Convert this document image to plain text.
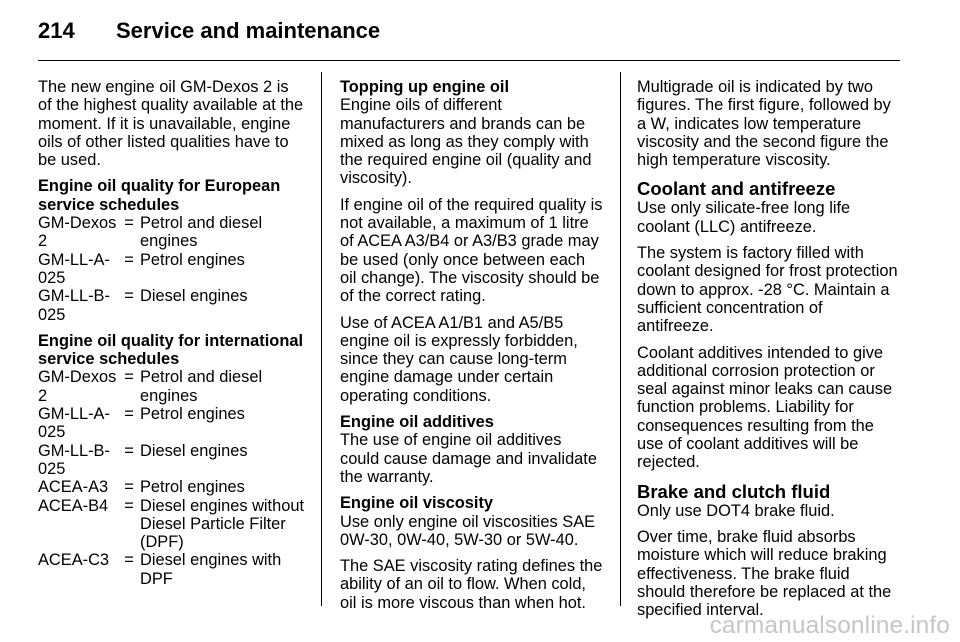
214	Service and maintenance

The new engine oil GM-Dexos 2 is of the highest quality available at the moment. If it is unavailable, engine oils of other listed qualities have to be used.

Engine oil quality for European service schedules
GM-Dexos 2
= Petrol and diesel engines
GM-LL-A-025
= Petrol engines
GM-LL-B-025
= Diesel engines
Engine oil quality for international service schedules
GM-Dexos 2
= Petrol and diesel engines
GM-LL-A-025
= Petrol engines
GM-LL-B-025
= Diesel engines
ACEA-A3 = Petrol engines
ACEA-B4 = Diesel engines without Diesel Particle Filter (DPF)
ACEA-C3 = Diesel engines with DPF
Topping up engine oil

Engine oils of different manufacturers and brands can be mixed as long as they comply with the required engine oil (quality and viscosity).

If engine oil of the required quality is not available, a maximum of 1 litre of ACEA A3/B4 or A3/B3 grade may be used (only once between each oil change). The viscosity should be of the correct rating.

Use of ACEA A1/B1 and A5/B5 engine oil is expressly forbidden, since they can cause long-term engine damage under certain operating conditions.

Engine oil additives

The use of engine oil additives could cause damage and invalidate the warranty.

Engine oil viscosity

Use only engine oil viscosities SAE 0W-30, 0W-40, 5W-30 or 5W-40.

The SAE viscosity rating defines the ability of an oil to flow. When cold, oil is more viscous than when hot.

Multigrade oil is indicated by two figures. The first figure, followed by a W, indicates low temperature viscosity and the second figure the high temperature viscosity.

Coolant and antifreeze

Use only silicate-free long life coolant (LLC) antifreeze.

The system is factory filled with coolant designed for frost protection down to approx. -28 °C. Maintain a sufficient concentration of antifreeze.

Coolant additives intended to give additional corrosion protection or seal against minor leaks can cause function problems. Liability for consequences resulting from the use of coolant additives will be rejected.

Brake and clutch fluid

Only use DOT4 brake fluid.

Over time, brake fluid absorbs moisture which will reduce braking effectiveness. The brake fluid should therefore be replaced at the specified interval.

carmanualsonline.info
